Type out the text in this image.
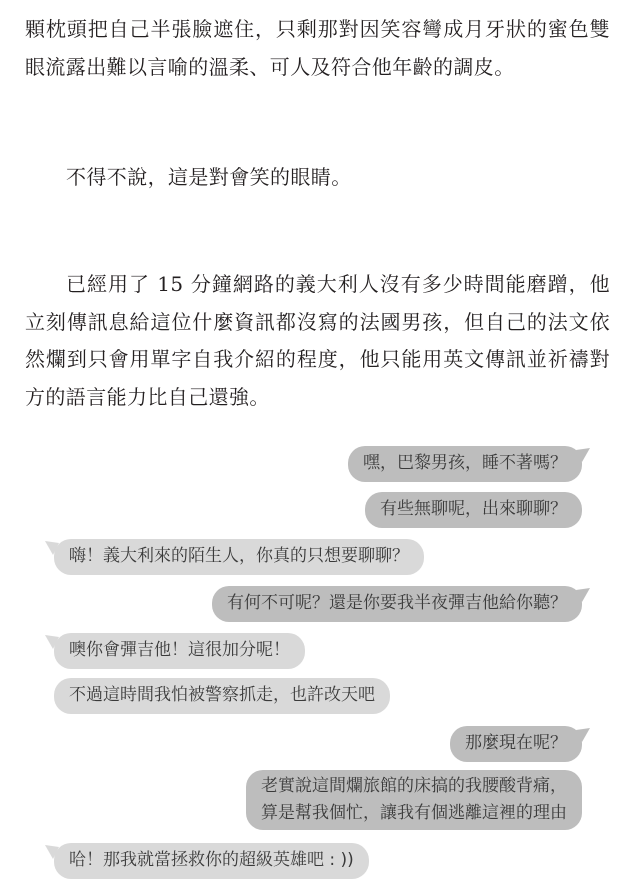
顆枕頭把自己半張臉遮住，只剩那對因笑容彎成月牙狀的蜜色雙眼流露出難以言喻的溫柔、可人及符合他年齡的調皮。

不得不說，這是對會笑的眼睛。

已經用了 15 分鐘網路的義大利人沒有多少時間能磨蹭，他立刻傳訊息給這位什麼資訊都沒寫的法國男孩，但自己的法文依然爛到只會用單字自我介紹的程度，他只能用英文傳訊並祈禱對方的語言能力比自己還強。

嘿，巴黎男孩，睡不著嗎？
有些無聊呢，出來聊聊？
嗨！義大利來的陌生人，你真的只想要聊聊？
有何不可呢？還是你要我半夜彈吉他給你聽？
噢你會彈吉他！這很加分呢！
不過這時間我怕被警察抓走，也許改天吧
那麼現在呢？
老實說這間爛旅館的床搞的我腰酸背痛，
算是幫我個忙，讓我有個逃離這裡的理由
哈！那我就當拯救你的超級英雄吧 : ))
